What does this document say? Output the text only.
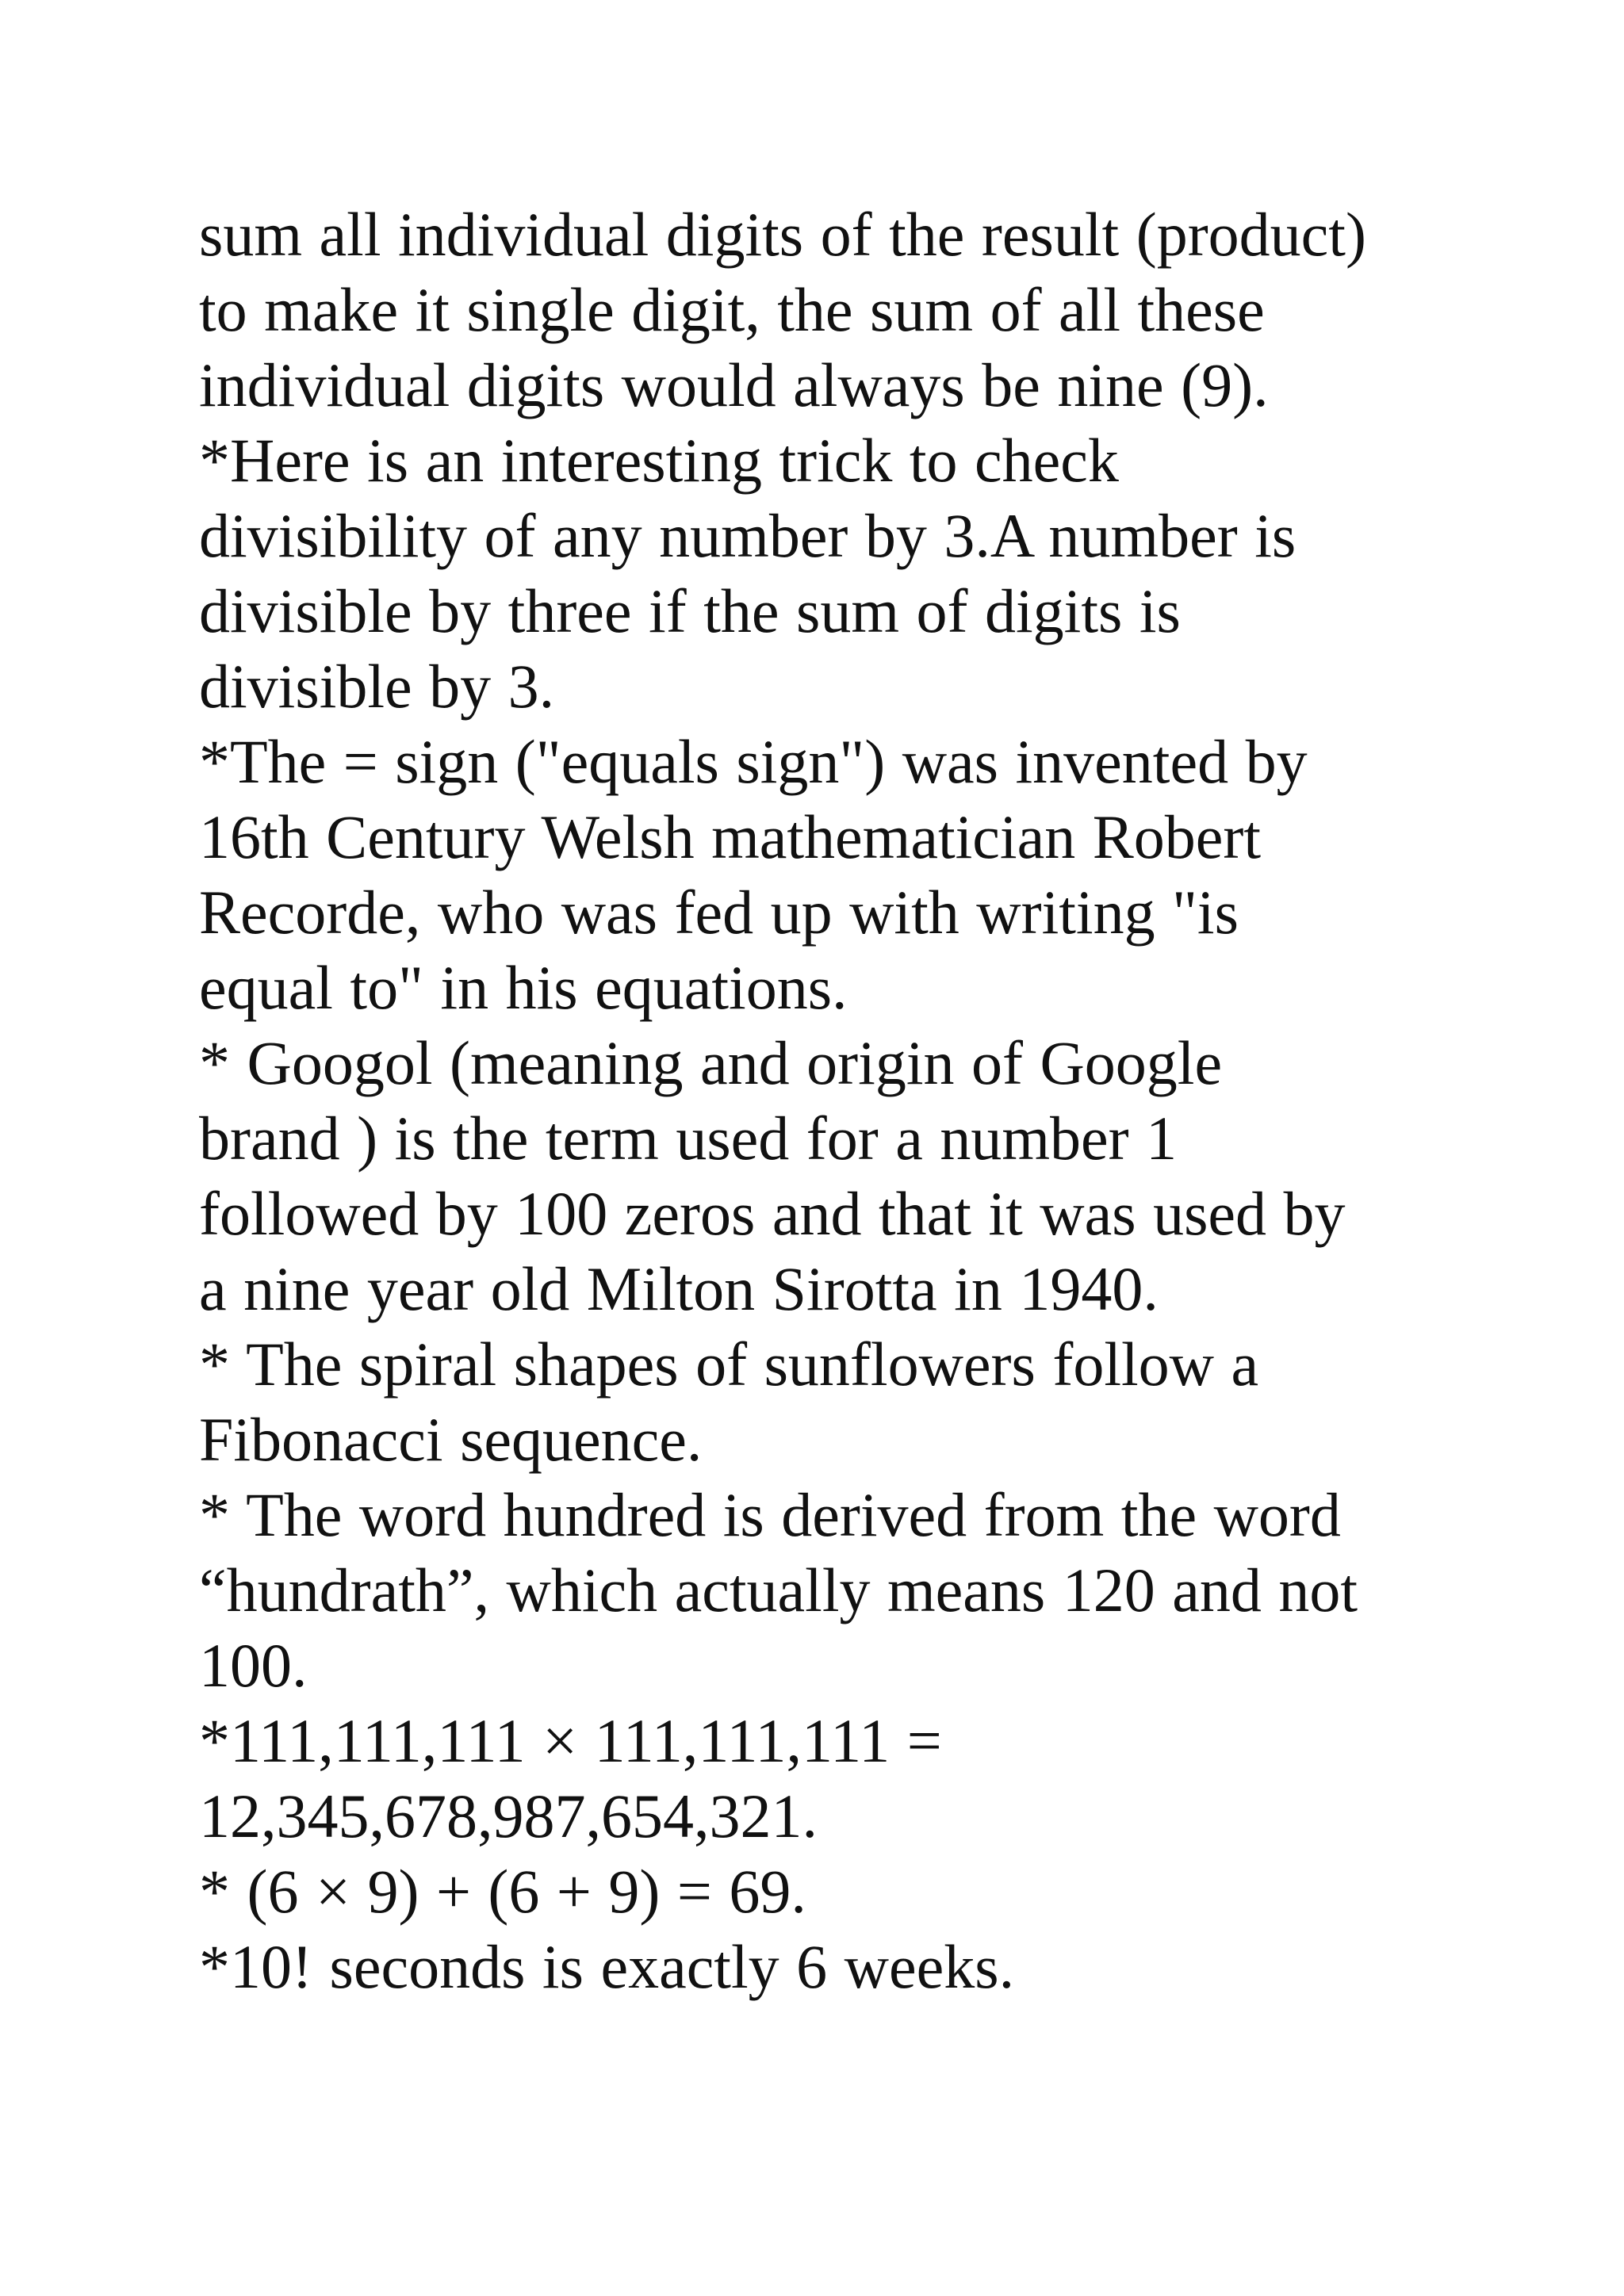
sum all individual digits of the result (product)
to make it single digit, the sum of all these
individual digits would always be nine (9).
*Here is an interesting trick to check
divisibility of any number by 3.A number is
divisible by three if the sum of digits is
divisible by 3.
*The = sign ("equals sign") was invented by
16th Century Welsh mathematician Robert
Recorde, who was fed up with writing "is
equal to" in his equations.
* Googol (meaning and origin of Google
brand ) is the term used for a number 1
followed by 100 zeros and that it was used by
a nine year old Milton Sirotta in 1940.
* The spiral shapes of sunflowers follow a
Fibonacci sequence.
* The word hundred is derived from the word
“hundrath”, which actually means 120 and not
100.
*111,111,111 × 111,111,111 =
12,345,678,987,654,321.
* (6 × 9) + (6 + 9) = 69.
*10! seconds is exactly 6 weeks.
